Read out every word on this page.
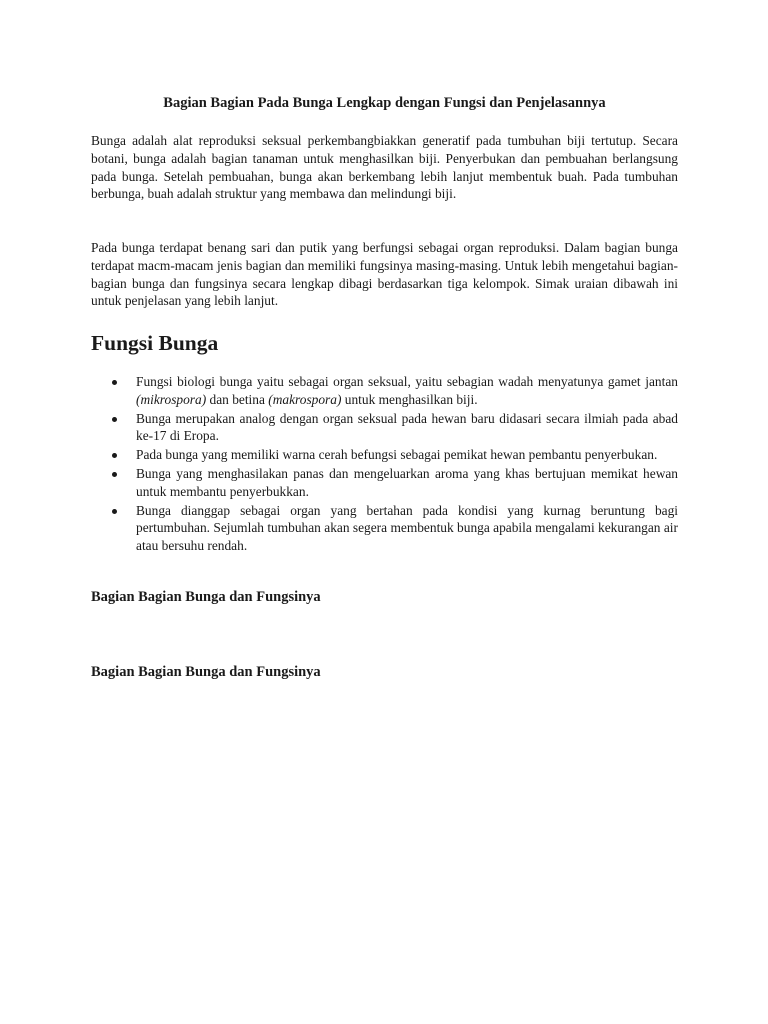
Bagian Bagian Pada Bunga Lengkap dengan Fungsi dan Penjelasannya

Bunga adalah alat reproduksi seksual perkembangbiakkan generatif pada tumbuhan biji tertutup. Secara botani, bunga adalah bagian tanaman untuk menghasilkan biji. Penyerbukan dan pembuahan berlangsung pada bunga. Setelah pembuahan, bunga akan berkembang lebih lanjut membentuk buah. Pada tumbuhan berbunga, buah adalah struktur yang membawa dan melindungi biji.

Pada bunga terdapat benang sari dan putik yang berfungsi sebagai organ reproduksi. Dalam bagian bunga terdapat macm-macam jenis bagian dan memiliki fungsinya masing-masing. Untuk lebih mengetahui bagian-bagian bunga dan fungsinya secara lengkap dibagi berdasarkan tiga kelompok. Simak uraian dibawah ini untuk penjelasan yang lebih lanjut.

Fungsi Bunga
Fungsi biologi bunga yaitu sebagai organ seksual, yaitu sebagian wadah menyatunya gamet jantan (mikrospora) dan betina (makrospora) untuk menghasilkan biji.
Bunga merupakan analog dengan organ seksual pada hewan baru didasari secara ilmiah pada abad ke-17 di Eropa.
Pada bunga yang memiliki warna cerah befungsi sebagai pemikat hewan pembantu penyerbukan.
Bunga yang menghasilakan panas dan mengeluarkan aroma yang khas bertujuan memikat hewan untuk membantu penyerbukkan.
Bunga dianggap sebagai organ yang bertahan pada kondisi yang kurnag beruntung bagi pertumbuhan. Sejumlah tumbuhan akan segera membentuk bunga apabila mengalami kekurangan air atau bersuhu rendah.
Bagian Bagian Bunga dan Fungsinya
Bagian Bagian Bunga dan Fungsinya
